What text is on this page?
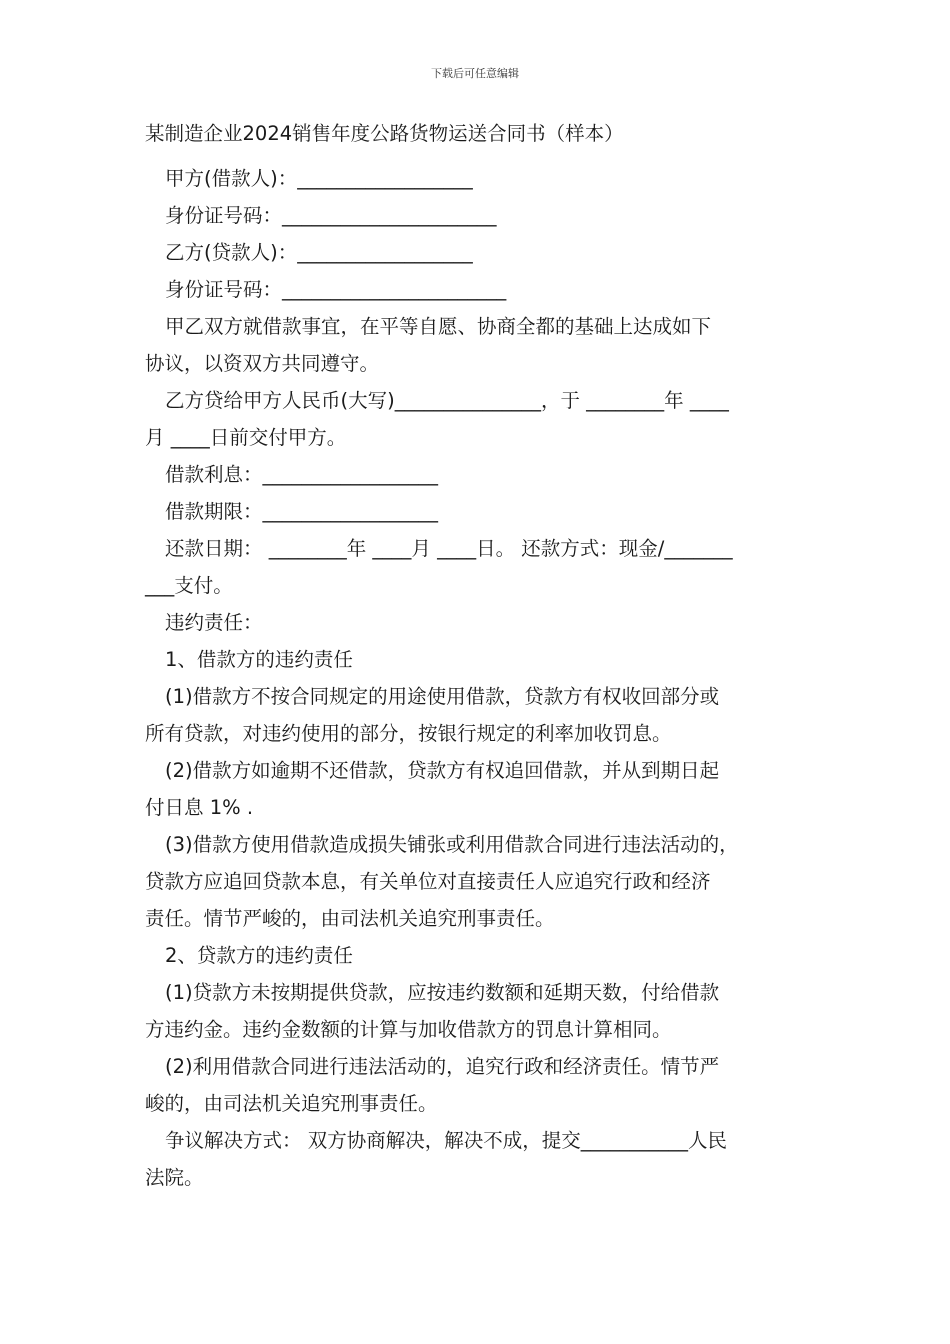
下载后可任意编辑
某制造企业2024销售年度公路货物运送合同书（样本）
甲方(借款人)：__________________
身份证号码：______________________
乙方(贷款人)：__________________
身份证号码：_______________________
甲乙双方就借款事宜，在平等自愿、协商全都的基础上达成如下
协议，以资双方共同遵守。
乙方贷给甲方人民币(大写)_______________，于 ________年 ____
月 ____日前交付甲方。
借款利息：__________________
借款期限：__________________
还款日期： ________年 ____月 ____日。 还款方式：现金/_______
___支付。
违约责任：
1、借款方的违约责任
(1)借款方不按合同规定的用途使用借款，贷款方有权收回部分或
所有贷款，对违约使用的部分，按银行规定的利率加收罚息。
(2)借款方如逾期不还借款，贷款方有权追回借款，并从到期日起
付日息 1% .
(3)借款方使用借款造成损失铺张或利用借款合同进行违法活动的，
贷款方应追回贷款本息，有关单位对直接责任人应追究行政和经济
责任。情节严峻的，由司法机关追究刑事责任。
2、贷款方的违约责任
(1)贷款方未按期提供贷款，应按违约数额和延期天数，付给借款
方违约金。违约金数额的计算与加收借款方的罚息计算相同。
(2)利用借款合同进行违法活动的，追究行政和经济责任。情节严
峻的，由司法机关追究刑事责任。
争议解决方式： 双方协商解决，解决不成，提交___________人民
法院。
